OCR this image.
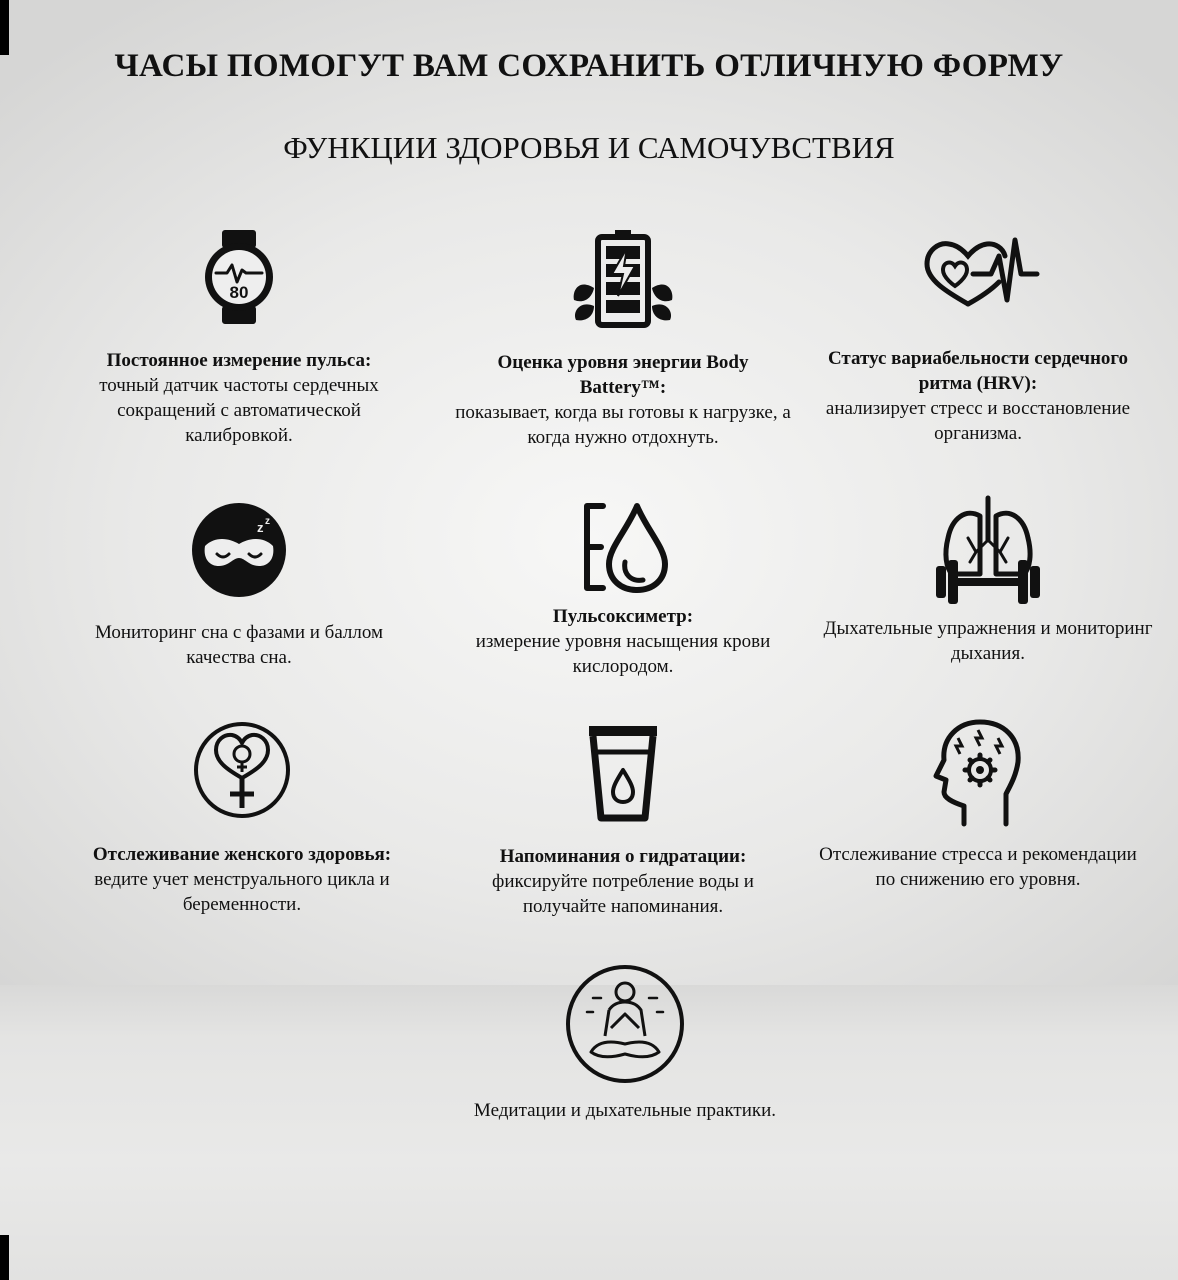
ЧАСЫ ПОМОГУТ ВАМ СОХРАНИТЬ ОТЛИЧНУЮ ФОРМУ
ФУНКЦИИ ЗДОРОВЬЯ И САМОЧУВСТВИЯ
80
Постоянное измерение пульса:
точный датчик частоты сердечных сокращений с автоматической калибровкой.
Оценка уровня энергии Body Battery™:
показывает, когда вы готовы к нагрузке, а когда нужно отдохнуть.
Статус вариабельности сердечного ритма (HRV):
анализирует стресс и восстановление организма.
z z
Мониторинг сна с фазами и баллом качества сна.
Пульсоксиметр:
измерение уровня насыщения крови кислородом.
Дыхательные упражнения и мониторинг дыхания.
Отслеживание женского здоровья:
ведите учет менструального цикла и беременности.
Напоминания о гидратации:
фиксируйте потребление воды и получайте напоминания.
Отслеживание стресса и рекомендации по снижению его уровня.
Медитации и дыхательные практики.
